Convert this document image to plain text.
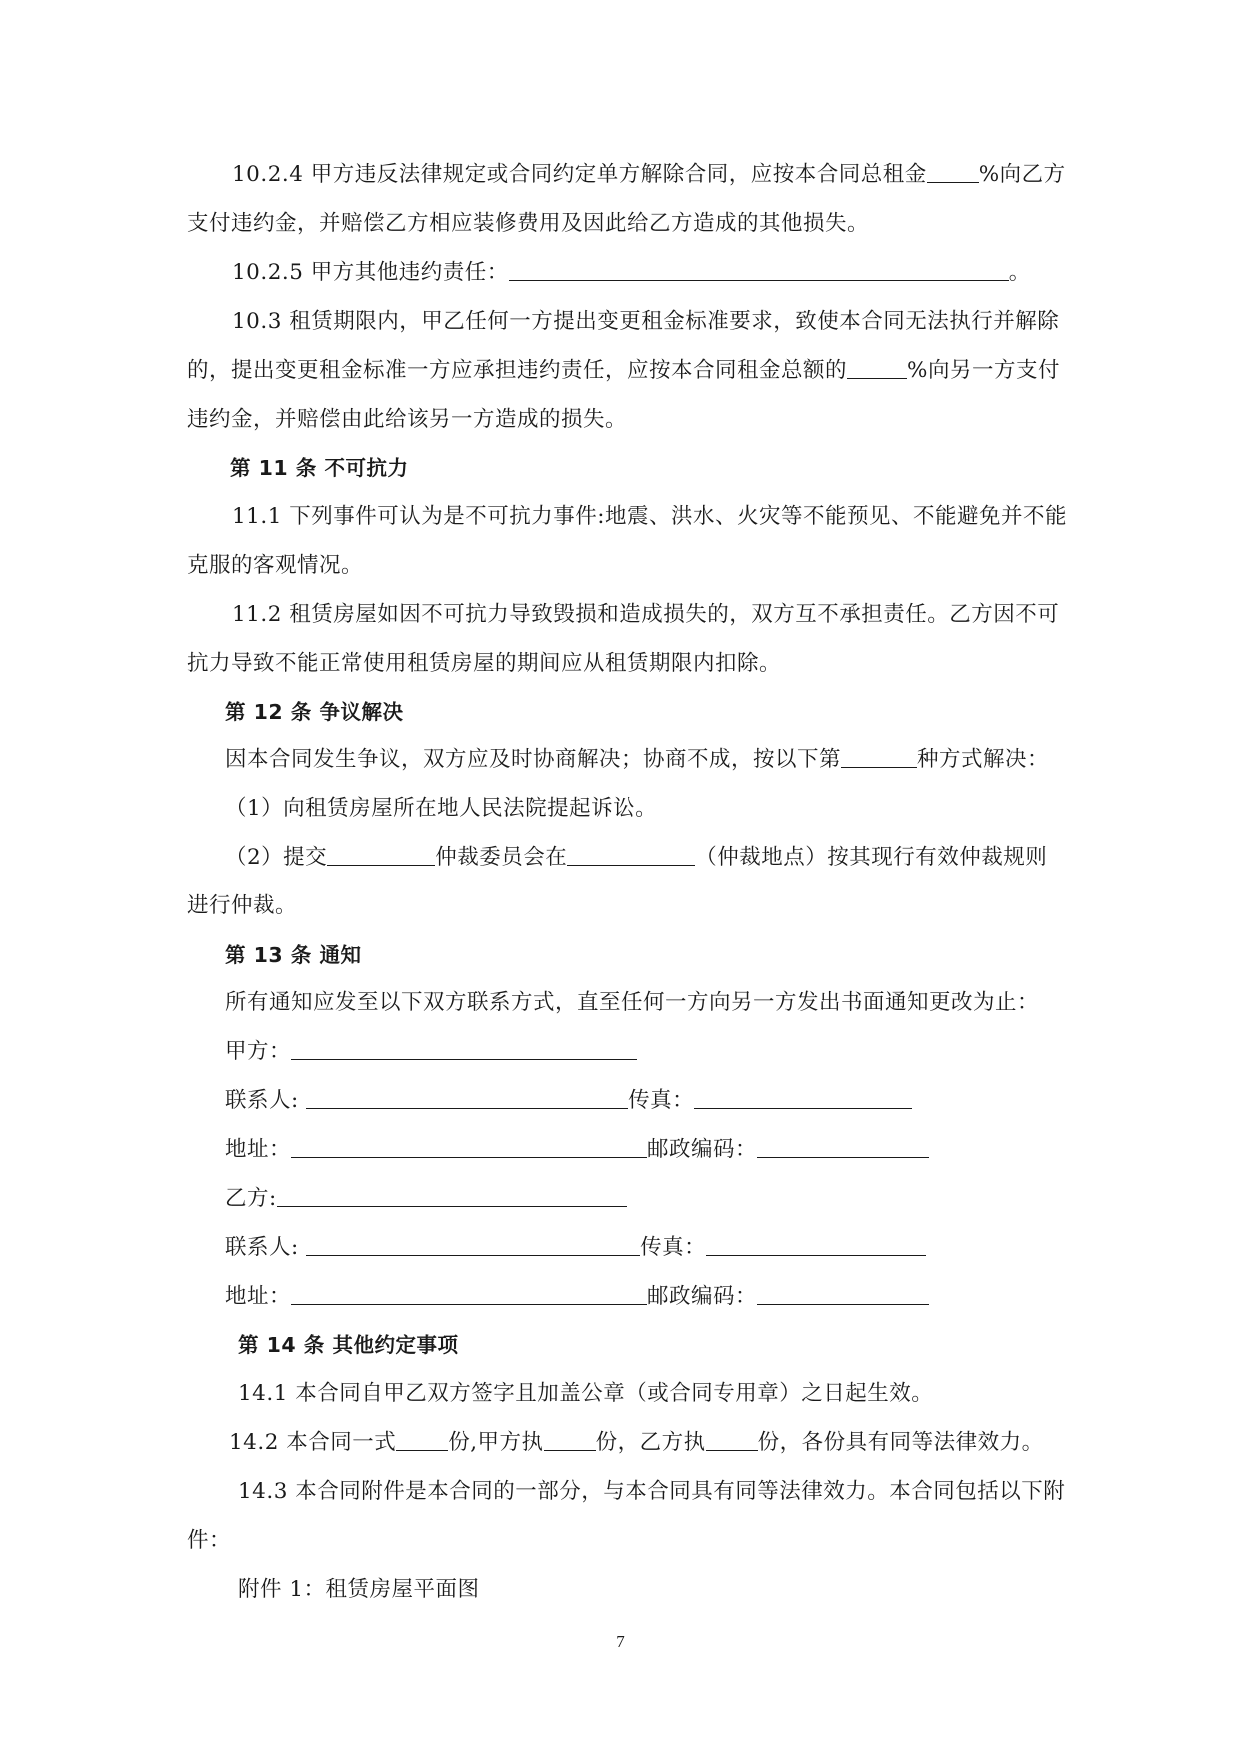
10.2.4 甲方违反法律规定或合同约定单方解除合同，应按本合同总租金 %向乙方
支付违约金，并赔偿乙方相应装修费用及因此给乙方造成的其他损失。
10.2.5 甲方其他违约责任：	。
10.3 租赁期限内，甲乙任何一方提出变更租金标准要求，致使本合同无法执行并解除
的，提出变更租金标准一方应承担违约责任，应按本合同租金总额的	%向另一方支付
违约金，并赔偿由此给该另一方造成的损失。
第 11 条 不可抗力
11.1 下列事件可认为是不可抗力事件:地震、洪水、火灾等不能预见、不能避免并不能
克服的客观情况。
11.2 租赁房屋如因不可抗力导致毁损和造成损失的，双方互不承担责任。乙方因不可
抗力导致不能正常使用租赁房屋的期间应从租赁期限内扣除。
第 12 条 争议解决
因本合同发生争议，双方应及时协商解决；协商不成，按以下第	种方式解决：
（1）向租赁房屋所在地人民法院提起诉讼。
（2）提交	仲裁委员会在	（仲裁地点）按其现行有效仲裁规则
进行仲裁。
第 13 条 通知
所有通知应发至以下双方联系方式，直至任何一方向另一方发出书面通知更改为止：
甲方：
联系人:	传真：
地址：	邮政编码：
乙方:
联系人:	传真：
地址：	邮政编码：
第 14 条 其他约定事项
14.1 本合同自甲乙双方签字且加盖公章（或合同专用章）之日起生效。
14.2 本合同一式 份,甲方执 份，乙方执 份，各份具有同等法律效力。
14.3 本合同附件是本合同的一部分，与本合同具有同等法律效力。本合同包括以下附
件：
附件 1：租赁房屋平面图
7
